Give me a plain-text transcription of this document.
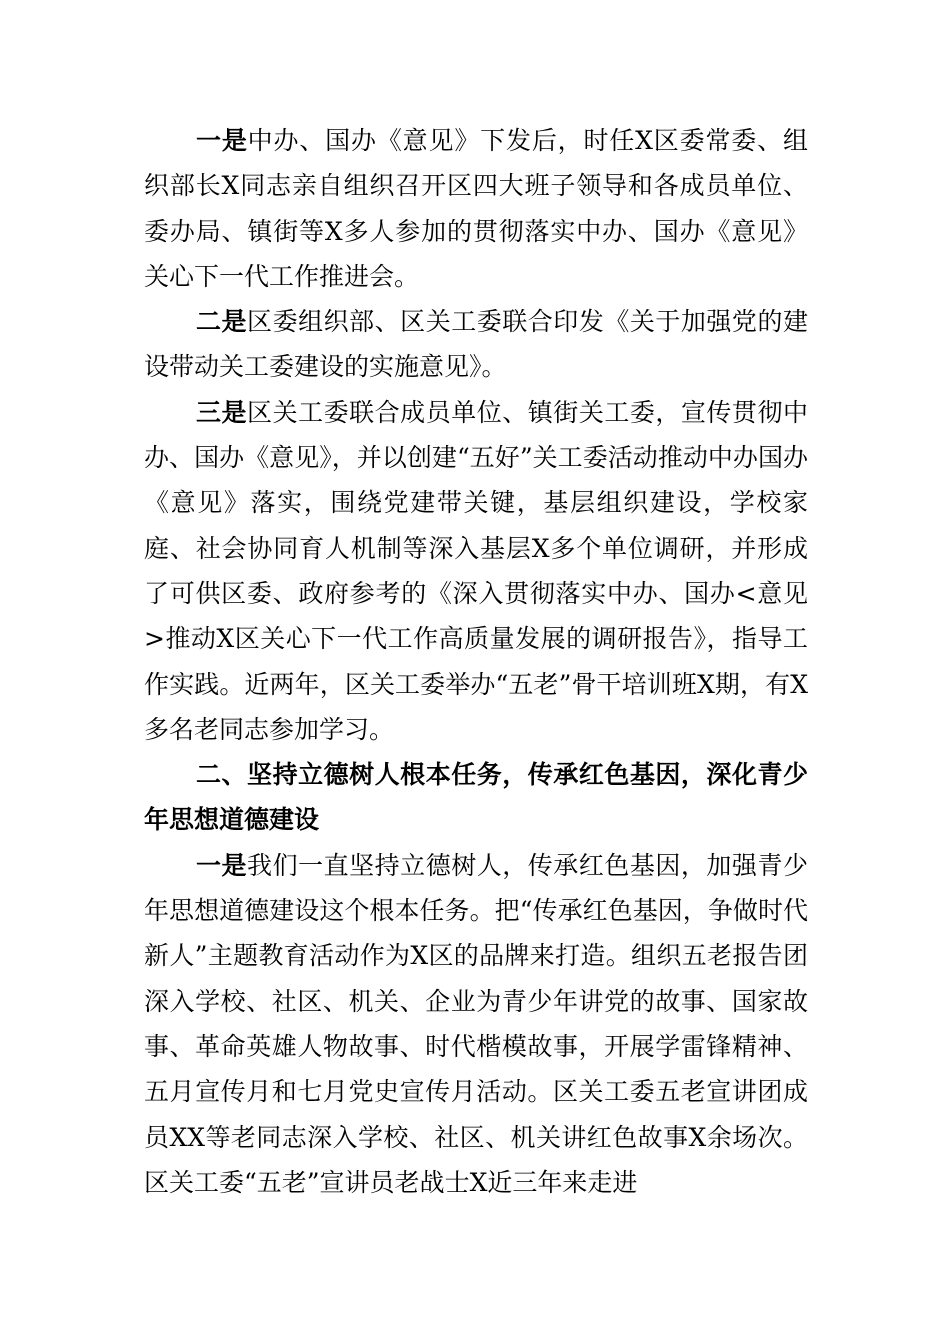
一是中办、国办《意见》下发后，时任X区委常委、组织部长X同志亲自组织召开区四大班子领导和各成员单位、委办局、镇街等X多人参加的贯彻落实中办、国办《意见》关心下一代工作推进会。

二是区委组织部、区关工委联合印发《关于加强党的建设带动关工委建设的实施意见》。

三是区关工委联合成员单位、镇街关工委，宣传贯彻中办、国办《意见》，并以创建“五好”关工委活动推动中办国办《意见》落实，围绕党建带关键，基层组织建设，学校家庭、社会协同育人机制等深入基层X多个单位调研，并形成了可供区委、政府参考的《深入贯彻落实中办、国办<意见>推动X区关心下一代工作高质量发展的调研报告》，指导工作实践。近两年，区关工委举办“五老”骨干培训班X期，有X多名老同志参加学习。

二、坚持立德树人根本任务，传承红色基因，深化青少年思想道德建设

一是我们一直坚持立德树人，传承红色基因，加强青少年思想道德建设这个根本任务。把“传承红色基因，争做时代新人”主题教育活动作为X区的品牌来打造。组织五老报告团深入学校、社区、机关、企业为青少年讲党的故事、国家故事、革命英雄人物故事、时代楷模故事，开展学雷锋精神、五月宣传月和七月党史宣传月活动。区关工委五老宣讲团成员XX等老同志深入学校、社区、机关讲红色故事X余场次。区关工委“五老”宣讲员老战士X近三年来走进
